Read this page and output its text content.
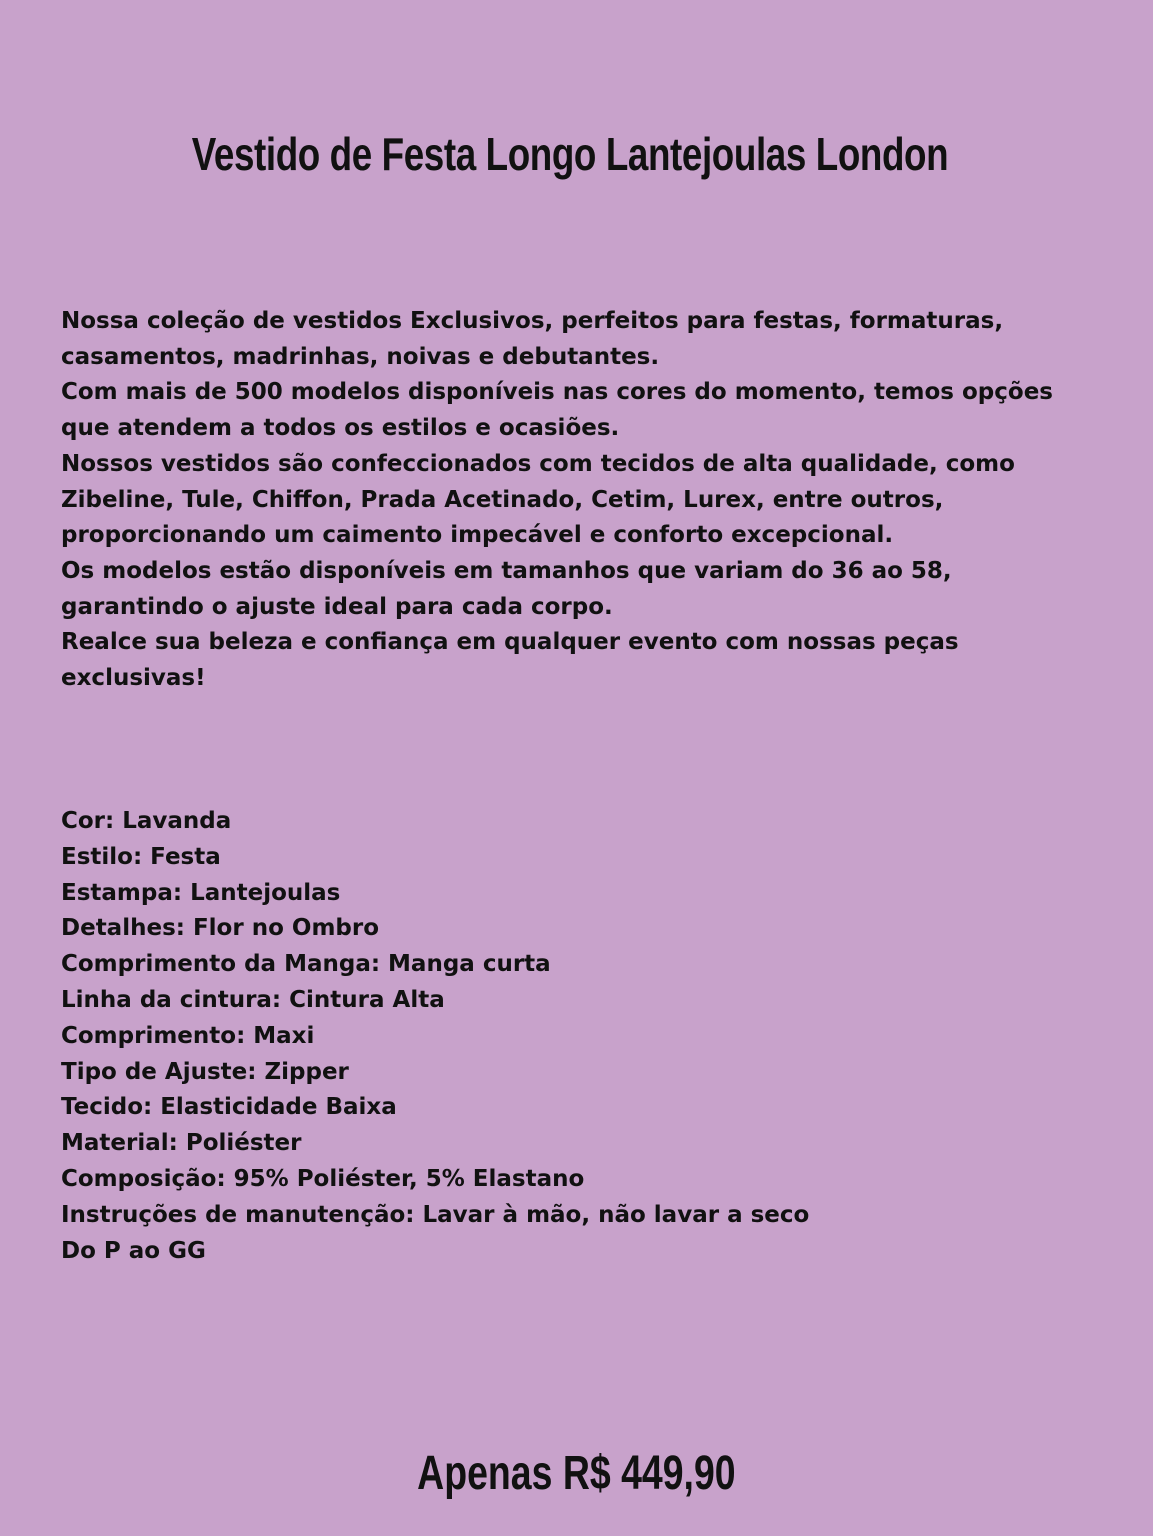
Vestido de Festa Longo Lantejoulas London

Nossa coleção de vestidos Exclusivos, perfeitos para festas, formaturas, casamentos, madrinhas, noivas e debutantes.

Com mais de 500 modelos disponíveis nas cores do momento, temos opções que atendem a todos os estilos e ocasiões.

Nossos vestidos são confeccionados com tecidos de alta qualidade, como Zibeline, Tule, Chiffon, Prada Acetinado, Cetim, Lurex, entre outros, proporcionando um caimento impecável e conforto excepcional.

Os modelos estão disponíveis em tamanhos que variam do 36 ao 58, garantindo o ajuste ideal para cada corpo.

Realce sua beleza e confiança em qualquer evento com nossas peças exclusivas!

Cor: Lavanda
Estilo: Festa
Estampa: Lantejoulas
Detalhes: Flor no Ombro
Comprimento da Manga: Manga curta
Linha da cintura: Cintura Alta
Comprimento: Maxi
Tipo de Ajuste: Zipper
Tecido: Elasticidade Baixa
Material: Poliéster
Composição: 95% Poliéster, 5% Elastano
Instruções de manutenção: Lavar à mão, não lavar a seco
Do P ao GG
Apenas R$ 449,90
